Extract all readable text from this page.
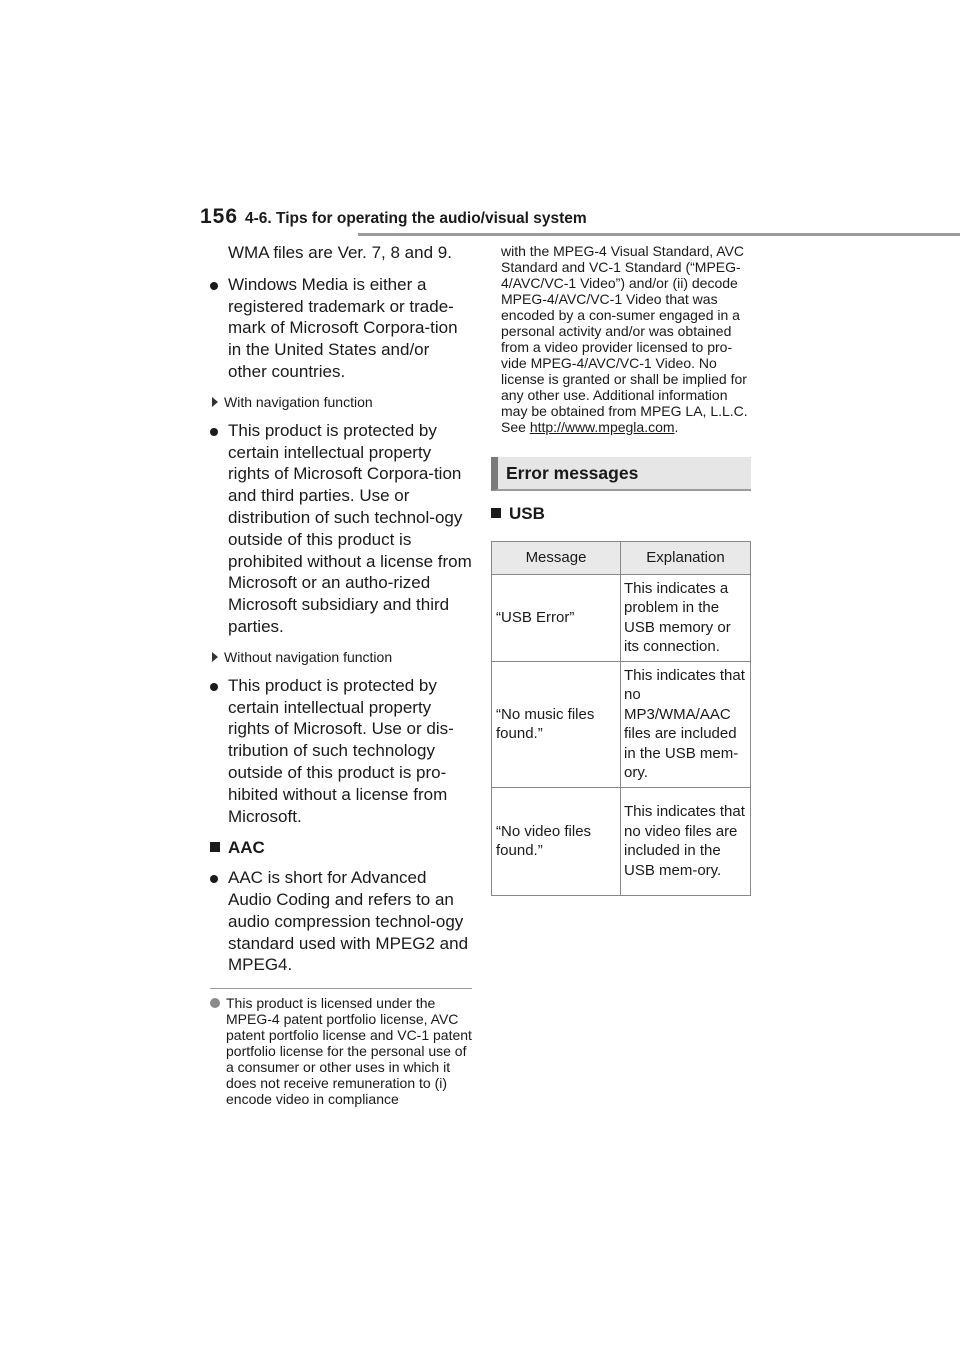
156 4-6. Tips for operating the audio/visual system
WMA files are Ver. 7, 8 and 9.
Windows Media is either a registered trademark or trade-mark of Microsoft Corpora-tion in the United States and/or other countries.
With navigation function
This product is protected by certain intellectual property rights of Microsoft Corpora-tion and third parties. Use or distribution of such technol-ogy outside of this product is prohibited without a license from Microsoft or an autho-rized Microsoft subsidiary and third parties.
Without navigation function
This product is protected by certain intellectual property rights of Microsoft. Use or dis-tribution of such technology outside of this product is pro-hibited without a license from Microsoft.
AAC
AAC is short for Advanced Audio Coding and refers to an audio compression technol-ogy standard used with MPEG2 and MPEG4.
This product is licensed under the MPEG-4 patent portfolio license, AVC patent portfolio license and VC-1 patent portfolio license for the personal use of a consumer or other uses in which it does not receive remuneration to (i) encode video in compliance
with the MPEG-4 Visual Standard, AVC Standard and VC-1 Standard (“MPEG-4/AVC/VC-1 Video”) and/or (ii) decode MPEG-4/AVC/VC-1 Video that was encoded by a con-sumer engaged in a personal activity and/or was obtained from a video provider licensed to pro-vide MPEG-4/AVC/VC-1 Video. No license is granted or shall be implied for any other use. Additional information may be obtained from MPEG LA, L.L.C. See http://www.mpegla.com.
Error messages
USB
Message	Explanation
“USB Error”	This indicates a problem in the USB memory or its connection.
“No music files found.”	This indicates that no MP3/WMA/AAC files are included in the USB mem-ory.
“No video files found.”	This indicates that no video files are included in the USB mem-ory.
